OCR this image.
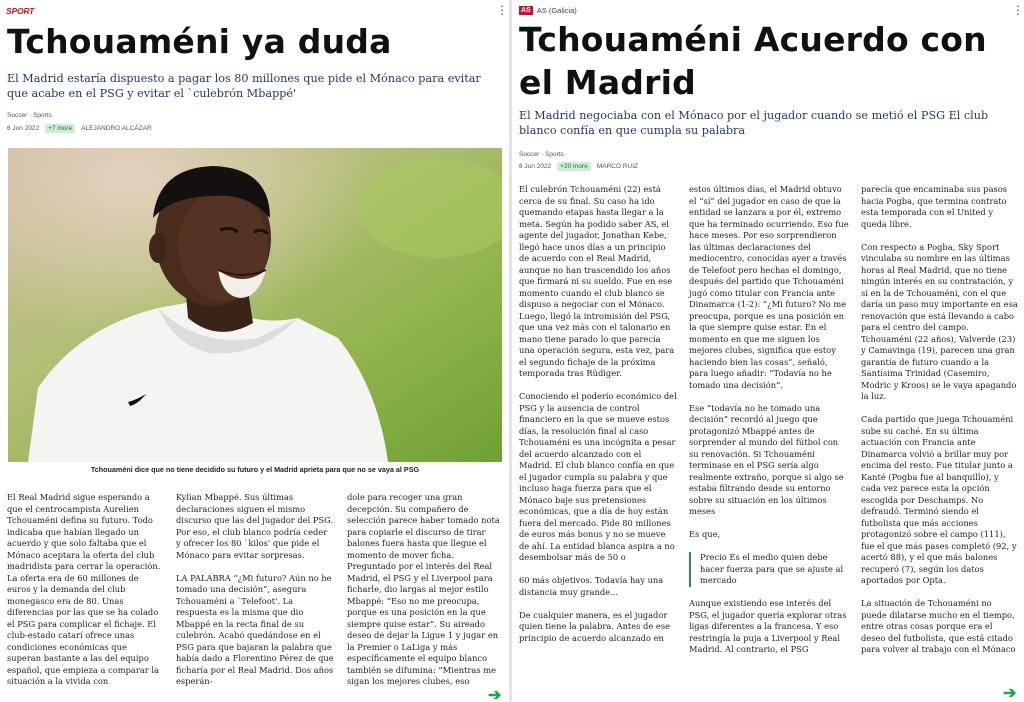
SPORT	⋮
Tchouaméni ya duda

El Madrid estaría dispuesto a pagar los 80 millones que pide el Mónaco para evitar que acabe en el PSG y evitar el `culebrón Mbappé'

Soccer · Sports
6 Jun 2022	+7 more	ALEJANDRO ALCÁZAR
Tchouaméni dice que no tiene decidido su futuro y el Madrid aprieta para que no se vaya al PSG

El Real Madrid sigue esperando a que el centrocampista Aurelien Tchouaméni defina su futuro. Todo indicaba que habían llegado un acuerdo y que solo faltaba que el Mónaco aceptara la oferta del club madridista para cerrar la operación. La oferta era de 60 millones de euros y la demanda del club monegasco era de 80. Unas diferencias por las que se ha colado el PSG para complicar el fichaje. El club-estado catarí ofrece unas condiciones económicas que superan bastante a las del equipo español, que empieza a comparar la situación a la vivida con

Kylian Mbappé. Sus últimas declaraciones siguen el mismo discurso que las del jugador del PSG. Por eso, el club blanco podría ceder y ofrecer los 80 `kilos' que pide el Mónaco para evitar sorpresas.

LA PALABRA “¿Mi futuro? Aún no he tomado una decisión”, asegura Tchouaméni a `Telefoot'. La respuesta es la misma que dio Mbappé en la recta final de su culebrón. Acabó quedándose en el PSG para que bajaran la palabra que había dado a Florentino Pérez de que ficharía por el Real Madrid. Dos años esperán-

dole para recoger una gran decepción. Su compañero de selección parece haber tomado nota para copiarle el discurso de tirar balones fuera hasta que llegue el momento de mover ficha. Preguntado por el interés del Real Madrid, el PSG y el Liverpool para ficharle, dio largas al mejor estilo Mbappé: “Eso no me preocupa, porque es una posición en la que siempre quise estar”. Su aireado deseo de dejar la Ligue 1 y jugar en la Premier o LaLiga y más específicamente el equipo blanco también se difumina: “Mientras me sigan los mejores clubes, eso

➔
AS AS (Galicia)	⋮
Tchouaméni Acuerdo con el Madrid

El Madrid negociaba con el Mónaco por el jugador cuando se metió el PSG El club blanco confía en que cumpla su palabra

Soccer · Sports
6 Jun 2022	+20 more	MARCO RUIZ

El culebrón Tchouaméni (22) está cerca de su final. Su caso ha ido quemando etapas hasta llegar a la meta. Según ha podido saber AS, el agente del jugador, Jonathan Kebe, llegó hace unos días a un principio de acuerdo con el Real Madrid, aunque no han trascendido los años que firmará ni su sueldo. Fue en ese momento cuando el club blanco se dispuso a negociar con el Mónaco. Luego, llegó la intromisión del PSG, que una vez más con el talonario en mano tiene parado lo que parecía una operación segura, esta vez, para el segundo fichaje de la próxima temporada tras Rüdiger.

Conociendo el poderío económico del PSG y la ausencia de control financiero en la que se mueve estos días, la resolución final al caso Tchouaméni es una incógnita a pesar del acuerdo alcanzado con el Madrid. El club blanco confía en que el jugador cumpla su palabra y que incluso haga fuerza para que el Mónaco baje sus pretensiones económicas, que a día de hoy están fuera del mercado. Pide 80 millones de euros más bonus y no se mueve de ahí. La entidad blanca aspira a no desembolsar más de 50 o

60 más objetivos. Todavía hay una distancia muy grande...

De cualquier manera, es el jugador quien tiene la palabra. Antes de ese principio de acuerdo alcanzado en

estos últimos días, el Madrid obtuvo el “sí” del jugador en caso de que la entidad se lanzara a por él, extremo que ha terminado ocurriendo. Eso fue hace meses. Por eso sorprendieron las últimas declaraciones del mediocentro, conocidas ayer a través de Telefoot pero hechas el domingo, después del partido que Tchouaméni jugó como titular con Francia ante Dinamarca (1-2): “¿Mi futuro? No me preocupa, porque es una posición en la que siempre quise estar. En el momento en que me siguen los mejores clubes, significa que estoy haciendo bien las cosas”, señaló, para luego añadir: “Todavía no he tomado una decisión”.

Ese “todavía no he tomado una decisión” recordó al juego que protagonizó Mbappé antes de sorprender al mundo del fútbol con su renovación. Si Tchouaméni terminase en el PSG sería algo realmente extraño, porque si algo se estaba filtrando desde su entorno sobre su situación en los últimos meses

Es que,

Precio Es el medio quien debe hacer fuerza para que se ajuste al mercado

Aunque existiendo ese interés del PSG, el jugador quería explorar otras ligas diferentes a la francesa. Y eso restringía la puja a Liverpool y Real Madrid. Al contrario, el PSG

parecía que encaminaba sus pasos hacia Pogba, que termina contrato esta temporada con el United y queda libre.

Con respecto a Pogba, Sky Sport vinculaba su nombre en las últimas horas al Real Madrid, que no tiene ningún interés en su contratación, y sí en la de Tchouaméni, con el que daría un paso muy importante en esa renovación que está llevando a cabo para el centro del campo. Tchouaméni (22 años), Valverde (23) y Camavinga (19), parecen una gran garantía de futuro cuando a la Santísima Trinidad (Casemiro, Modric y Kroos) se le vaya apagando la luz.

Cada partido que juega Tchouaméni sube su caché. En su última actuación con Francia ante Dinamarca volvió a brillar muy por encima del resto. Fue titular junto a Kanté (Pogba fue al banquillo), y cada vez parece esta la opción escogida por Deschamps. No defraudó. Terminó siendo el futbolista que más acciones protagonizó sobre el campo (111), fue el que más pases completó (92, y acertó 88), y el que más balones recuperó (7), según los datos aportados por Opta.

La situación de Tchouaméni no puede dilatarse mucho en el tiempo, entre otras cosas porque era el deseo del futbolista, que está citado para volver al trabajo con el Mónaco

➔
